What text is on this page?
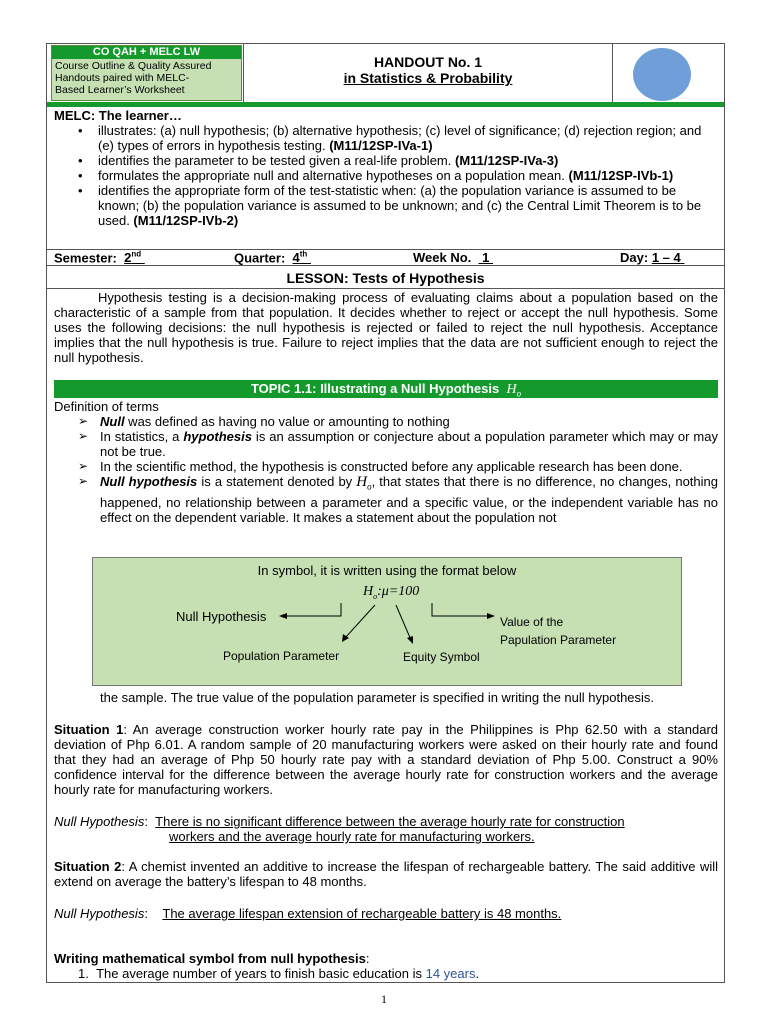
CO QAH + MELC LW
Course Outline & Quality Assured
Handouts paired with MELC-
Based Learner’s Worksheet
HANDOUT No. 1
in Statistics & Probability
MELC: The learner…
• illustrates: (a) null hypothesis; (b) alternative hypothesis; (c) level of significance; (d) rejection region; and (e) types of errors in hypothesis testing. (M11/12SP-IVa-1)
• identifies the parameter to be tested given a real-life problem. (M11/12SP-IVa-3)
• formulates the appropriate null and alternative hypotheses on a population mean. (M11/12SP-IVb-1)
• identifies the appropriate form of the test-statistic when: (a) the population variance is assumed to be known; (b) the population variance is assumed to be unknown; and (c) the Central Limit Theorem is to be used. (M11/12SP-IVb-2)
Semester: 2nd	Quarter: 4th	Week No. 1	Day: 1 – 4
LESSON: Tests of Hypothesis
Hypothesis testing is a decision-making process of evaluating claims about a population based on the characteristic of a sample from that population. It decides whether to reject or accept the null hypothesis. Some uses the following decisions: the null hypothesis is rejected or failed to reject the null hypothesis. Acceptance implies that the null hypothesis is true. Failure to reject implies that the data are not sufficient enough to reject the null hypothesis.
TOPIC 1.1: Illustrating a Null Hypothesis $H_o$
Definition of terms
➢ Null was defined as having no value or amounting to nothing
➢ In statistics, a hypothesis is an assumption or conjecture about a population parameter which may or may not be true.
➢ In the scientific method, the hypothesis is constructed before any applicable research has been done.
➢ Null hypothesis is a statement denoted by $H_o$, that states that there is no difference, no changes, nothing happened, no relationship between a parameter and a specific value, or the independent variable has no effect on the dependent variable. It makes a statement about the population not
In symbol, it is written using the format below
$H_o:\mu=100$
Null Hypothesis	Value of the
Papulation Parameter
Population Parameter	Equity Symbol
the sample. The true value of the population parameter is specified in writing the null hypothesis.
Situation 1: An average construction worker hourly rate pay in the Philippines is Php 62.50 with a standard deviation of Php 6.01. A random sample of 20 manufacturing workers were asked on their hourly rate and found that they had an average of Php 50 hourly rate pay with a standard deviation of Php 5.00. Construct a 90% confidence interval for the difference between the average hourly rate for construction workers and the average hourly rate for manufacturing workers.
Null Hypothesis:  There is no significant difference between the average hourly rate for construction
workers and the average hourly rate for manufacturing workers.
Situation 2: A chemist invented an additive to increase the lifespan of rechargeable battery. The said additive will extend on average the battery’s lifespan to 48 months.
Null Hypothesis:    The average lifespan extension of rechargeable battery is 48 months.
Writing mathematical symbol from null hypothesis:
1. The average number of years to finish basic education is 14 years.
1
